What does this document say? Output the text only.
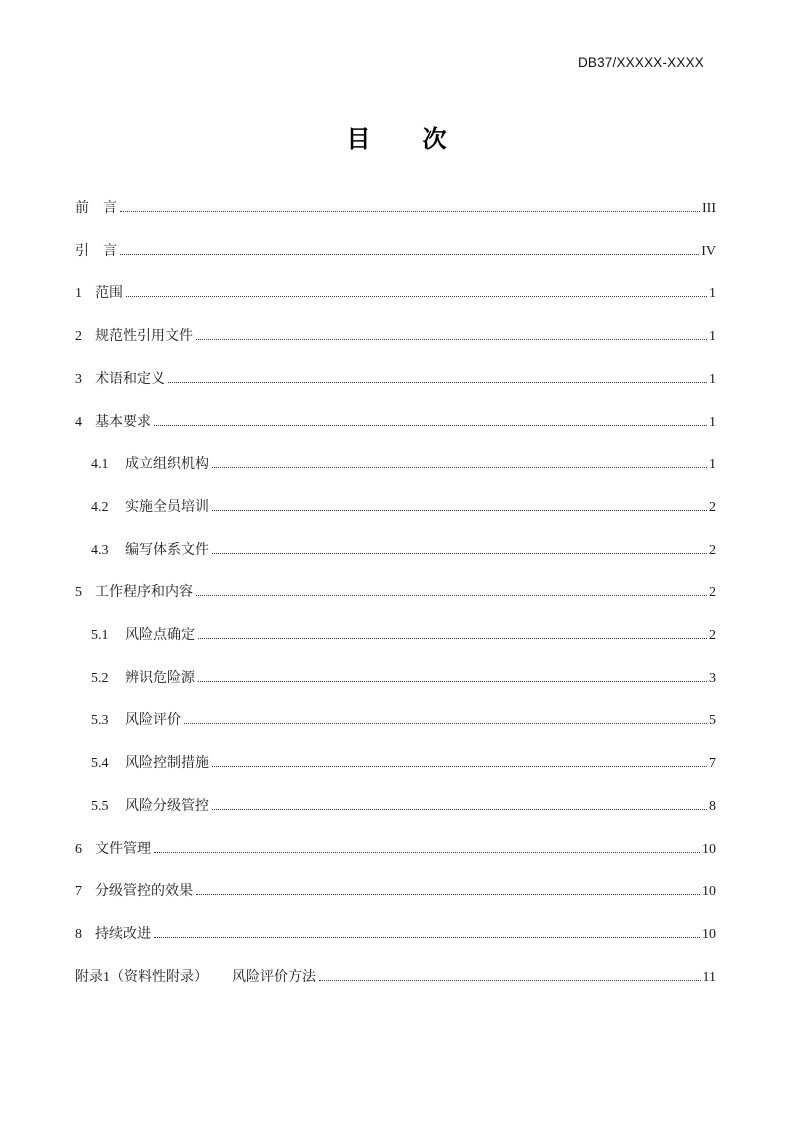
DB37/XXXXX-XXXX
目 次
前　言	III
引　言	IV
1 范围	1
2 规范性引用文件	1
3 术语和定义	1
4 基本要求	1
4.1	成立组织机构	1
4.2	实施全员培训	2
4.3	编写体系文件	2
5 工作程序和内容	2
5.1	风险点确定	2
5.2	辨识危险源	3
5.3	风险评价	5
5.4	风险控制措施	7
5.5	风险分级管控	8
6 文件管理	10
7 分级管控的效果	10
8 持续改进	10
附录1（资料性附录） 风险评价方法	11
